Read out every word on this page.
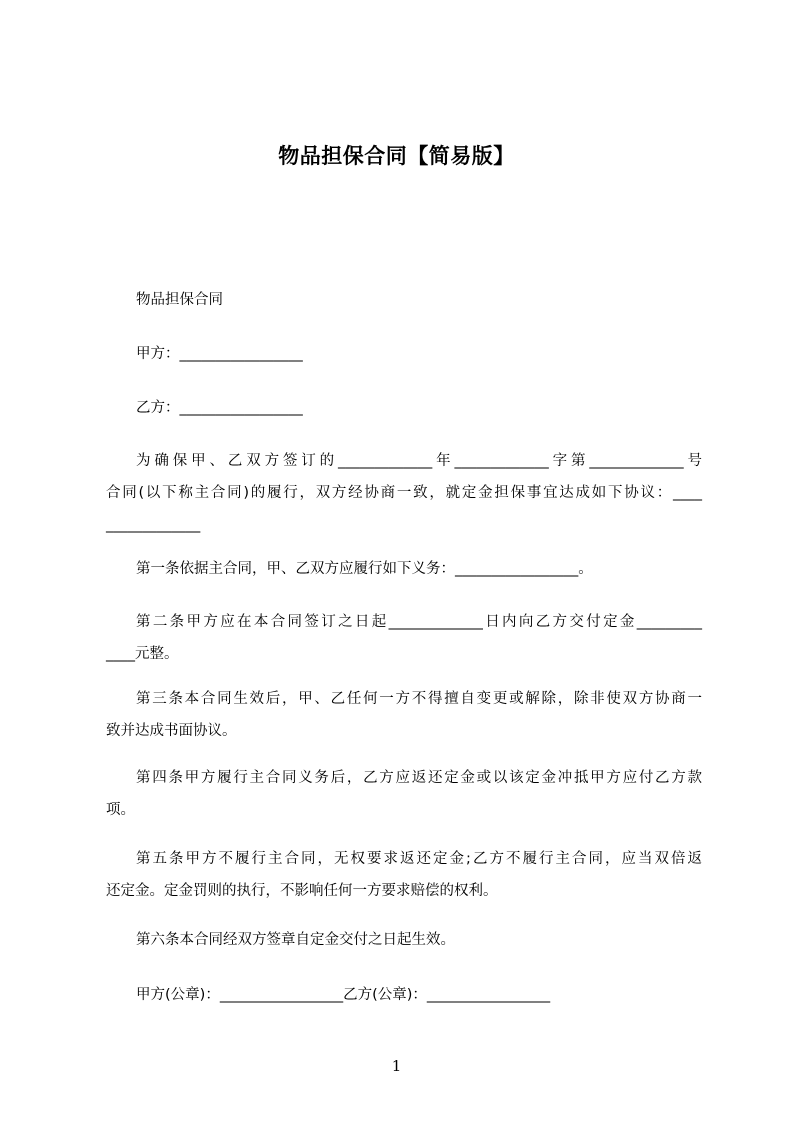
物品担保合同【简易版】
物品担保合同
甲方：_________________
乙方：_________________
为确保甲、乙双方签订的_____________年_____________字第_____________号
合同(以下称主合同)的履行，双方经协商一致，就定金担保事宜达成如下协议：____
_____________
第一条依据主合同，甲、乙双方应履行如下义务：_________________。
第二条甲方应在本合同签订之日起_____________日内向乙方交付定金_________
____元整。
第三条本合同生效后，甲、乙任何一方不得擅自变更或解除，除非使双方协商一
致并达成书面协议。
第四条甲方履行主合同义务后，乙方应返还定金或以该定金冲抵甲方应付乙方款
项。
第五条甲方不履行主合同，无权要求返还定金;乙方不履行主合同，应当双倍返
还定金。定金罚则的执行，不影响任何一方要求赔偿的权利。
第六条本合同经双方签章自定金交付之日起生效。
甲方(公章)：_________________乙方(公章)：_________________
1
